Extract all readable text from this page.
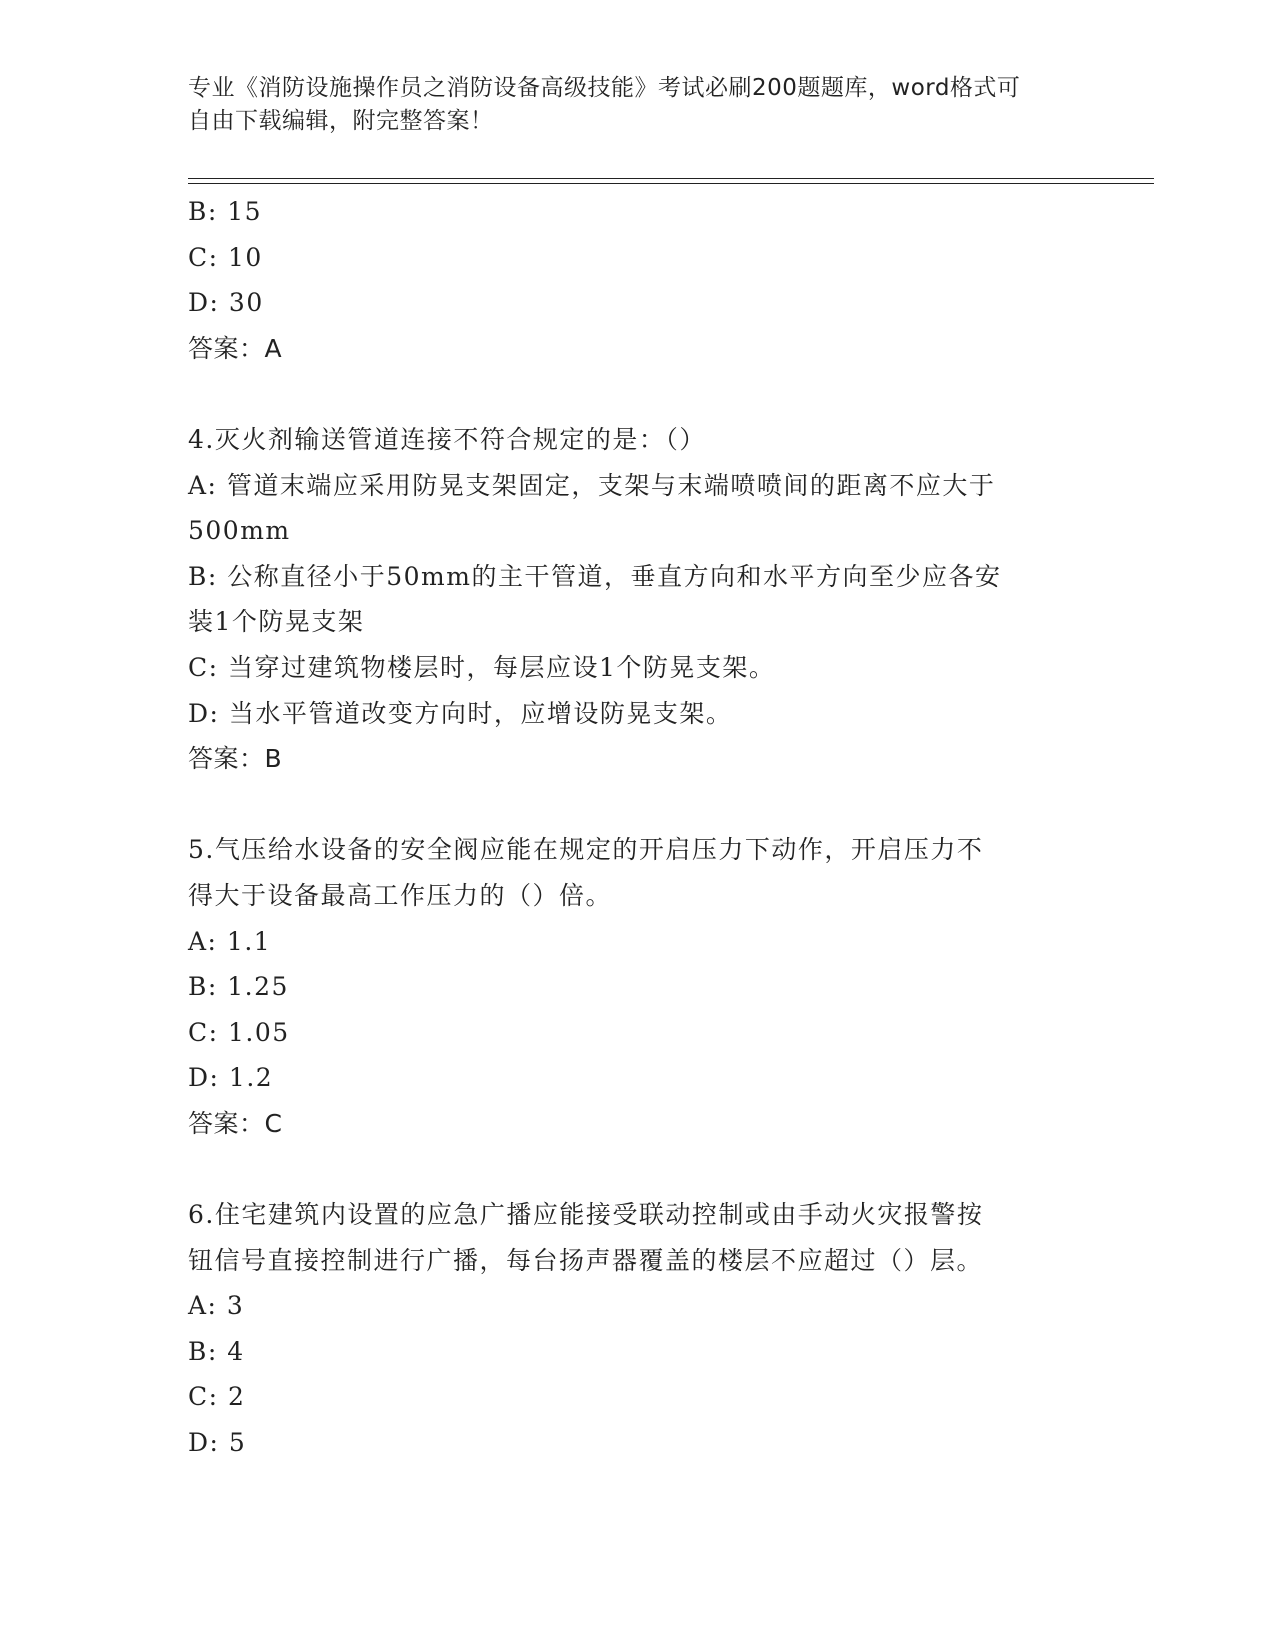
专业《消防设施操作员之消防设备高级技能》考试必刷200题题库，word格式可
自由下载编辑，附完整答案！
B: 15
C: 10
D: 30
答案：A
4.灭火剂输送管道连接不符合规定的是：（）
A: 管道末端应采用防晃支架固定，支架与末端喷喷间的距离不应大于
500mm
B: 公称直径小于50mm的主干管道，垂直方向和水平方向至少应各安
装1个防晃支架
C: 当穿过建筑物楼层时，每层应设1个防晃支架。
D: 当水平管道改变方向时，应增设防晃支架。
答案：B
5.气压给水设备的安全阀应能在规定的开启压力下动作，开启压力不
得大于设备最高工作压力的（）倍。
A: 1.1
B: 1.25
C: 1.05
D: 1.2
答案：C
6.住宅建筑内设置的应急广播应能接受联动控制或由手动火灾报警按
钮信号直接控制进行广播，每台扬声器覆盖的楼层不应超过（）层。
A: 3
B: 4
C: 2
D: 5
